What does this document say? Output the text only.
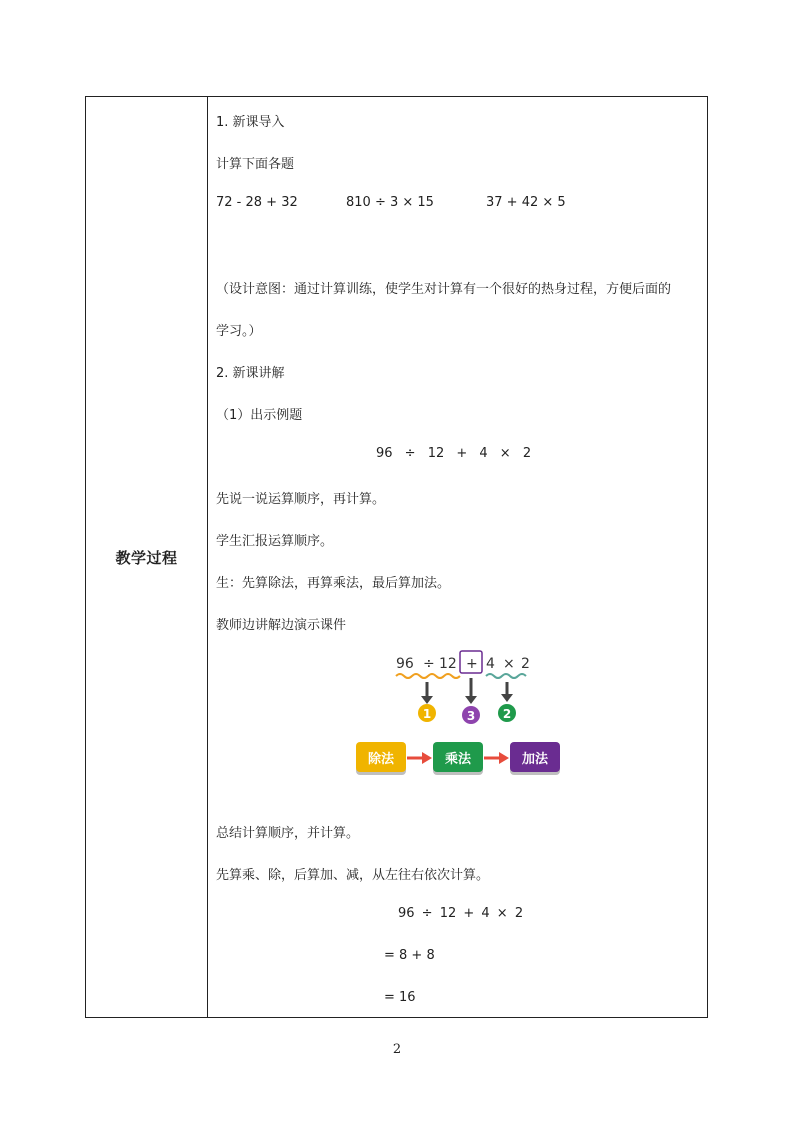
教学过程
1. 新课导入
计算下面各题
72 - 28 + 32	810 ÷ 3 × 15	37 + 42 × 5
（设计意图：通过计算训练，使学生对计算有一个很好的热身过程，方便后面的
学习。）
2. 新课讲解
（1）出示例题
96 ÷ 12 + 4 × 2
先说一说运算顺序，再计算。
学生汇报运算顺序。
生：先算除法，再算乘法，最后算加法。
教师边讲解边演示课件
96 ÷ 12 + 4 × 2
1	3 2
除法	乘法	加法
总结计算顺序，并计算。
先算乘、除，后算加、减，从左往右依次计算。
96 ÷ 12 + 4 × 2
= 8 + 8
= 16
2
